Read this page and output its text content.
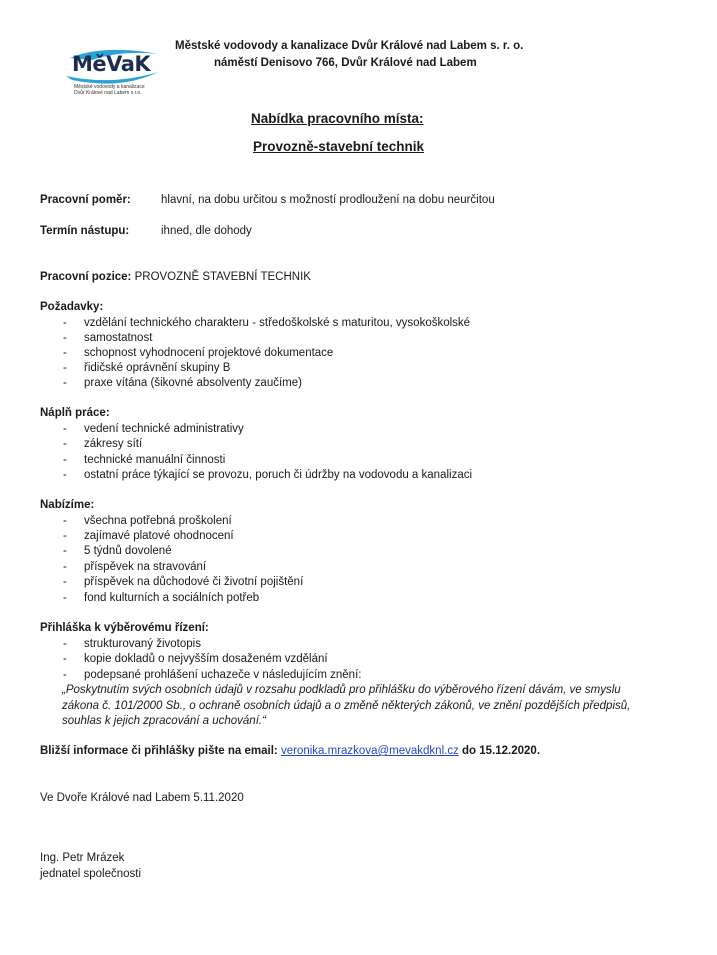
MěVaK
Městské vodovody a kanalizace
Dvůr Králové nad Labem s.r.o.
Městské vodovody a kanalizace Dvůr Králové nad Labem s. r. o.
náměstí Denisovo 766, Dvůr Králové nad Labem
Nabídka pracovního místa:
Provozně-stavební technik
Pracovní poměr:	hlavní, na dobu určitou s možností prodloužení na dobu neurčitou
Termín nástupu:	ihned, dle dohody
Pracovní pozice: PROVOZNĚ STAVEBNÍ TECHNIK
Požadavky:
- vzdělání technického charakteru - středoškolské s maturitou, vysokoškolské
- samostatnost
- schopnost vyhodnocení projektové dokumentace
- řidičské oprávnění skupiny B
- praxe vítána (šikovné absolventy zaučíme)
Náplň práce:
- vedení technické administrativy
- zákresy sítí
- technické manuální činnosti
- ostatní práce týkající se provozu, poruch či údržby na vodovodu a kanalizaci
Nabízíme:
- všechna potřebná proškolení
- zajímavé platové ohodnocení
- 5 týdnů dovolené
- příspěvek na stravování
- příspěvek na důchodové či životní pojištění
- fond kulturních a sociálních potřeb
Přihláška k výběrovému řízení:
- strukturovaný životopis
- kopie dokladů o nejvyšším dosaženém vzdělání
- podepsané prohlášení uchazeče v následujícím znění:
„Poskytnutím svých osobních údajů v rozsahu podkladů pro přihlášku do výběrového řízení dávám, ve smyslu
zákona č. 101/2000 Sb., o ochraně osobních údajů a o změně některých zákonů, ve znění pozdějších předpisů,
souhlas k jejich zpracování a uchování.“
Bližší informace či přihlášky pište na email: veronika.mrazkova@mevakdknl.cz do 15.12.2020.
Ve Dvoře Králové nad Labem 5.11.2020
Ing. Petr Mrázek
jednatel společnosti
